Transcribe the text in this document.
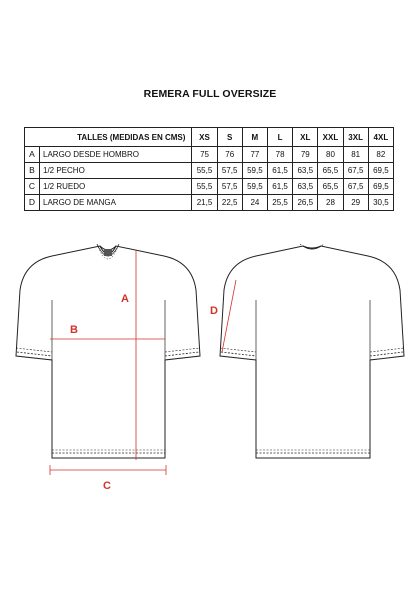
REMERA FULL OVERSIZE
TALLES (MEDIDAS EN CMS)		XS	S	M	L	XL	XXL	3XL	4XL
A	LARGO DESDE HOMBRO	75	76	77	78	79	80	81	82
B	1/2 PECHO	55,5	57,5	59,5	61,5	63,5	65,5	67,5	69,5
C	1/2 RUEDO	55,5	57,5	59,5	61,5	63,5	65,5	67,5	69,5
D	LARGO DE MANGA	21,5	22,5	24	25,5	26,5	28	29	30,5
A
B
C
D
